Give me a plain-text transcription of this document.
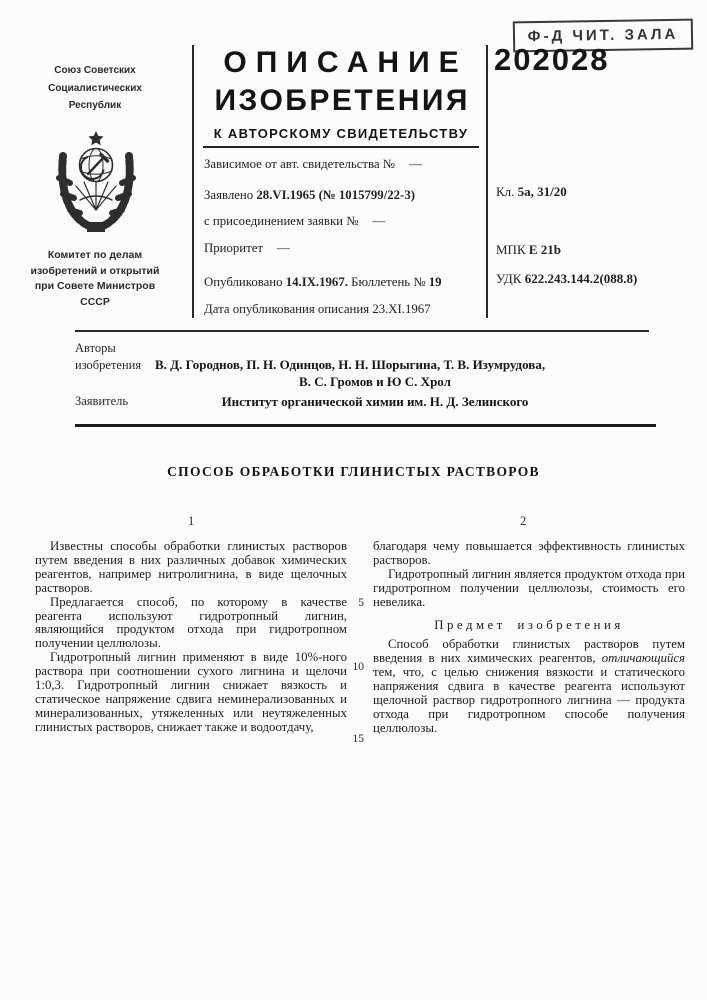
Ф-Д ЧИТ. ЗАЛА
Союз Советских
Социалистических
Республик
Комитет по делам
изобретений и открытий
при Совете Министров
СССР
ОПИСАНИЕ
ИЗОБРЕТЕНИЯ
К АВТОРСКОМУ СВИДЕТЕЛЬСТВУ
202028
Зависимое от авт. свидетельства № —
Заявлено 28.VI.1965 (№ 1015799/22-3)
с присоединением заявки № —
Приоритет —
Опубликовано 14.IX.1967. Бюллетень № 19
Дата опубликования описания 23.XI.1967
Кл. 5а, 31/20
МПК Е 21b
УДК 622.243.144.2(088.8)
Авторы
изобретения В. Д. Городнов, П. Н. Одинцов, Н. Н. Шорыгина, Т. В. Изумрудова,
В. С. Громов и Ю С. Хрол
Заявитель	Институт органической химии им. Н. Д. Зелинского
СПОСОБ ОБРАБОТКИ ГЛИНИСТЫХ РАСТВОРОВ
1	2
5
10
15

Известны способы обработки глинистых растворов путем введения в них различных добавок химических реагентов, например нитролигнина, в виде щелочных растворов.

Предлагается способ, по которому в качестве реагента используют гидротропный лигнин, являющийся продуктом отхода при гидротропном получении целлюлозы.

Гидротропный лигнин применяют в виде 10%-ного раствора при соотношении сухого лигнина и щелочи 1:0,3. Гидротропный лигнин снижает вязкость и статическое напряжение сдвига неминерализованных и минерализованных, утяжеленных или неутяжеленных глинистых растворов, снижает также и водоотдачу,

благодаря чему повышается эффективность глинистых растворов.

Гидротропный лигнин является продуктом отхода при гидротропном получении целлюлозы, стоимость его невелика.

Предмет изобретения

Способ обработки глинистых растворов путем введения в них химических реагентов, отличающийся тем, что, с целью снижения вязкости и статического напряжения сдвига в качестве реагента используют щелочной раствор гидротропного лигнина — продукта отхода при гидротропном способе получения целлюлозы.
